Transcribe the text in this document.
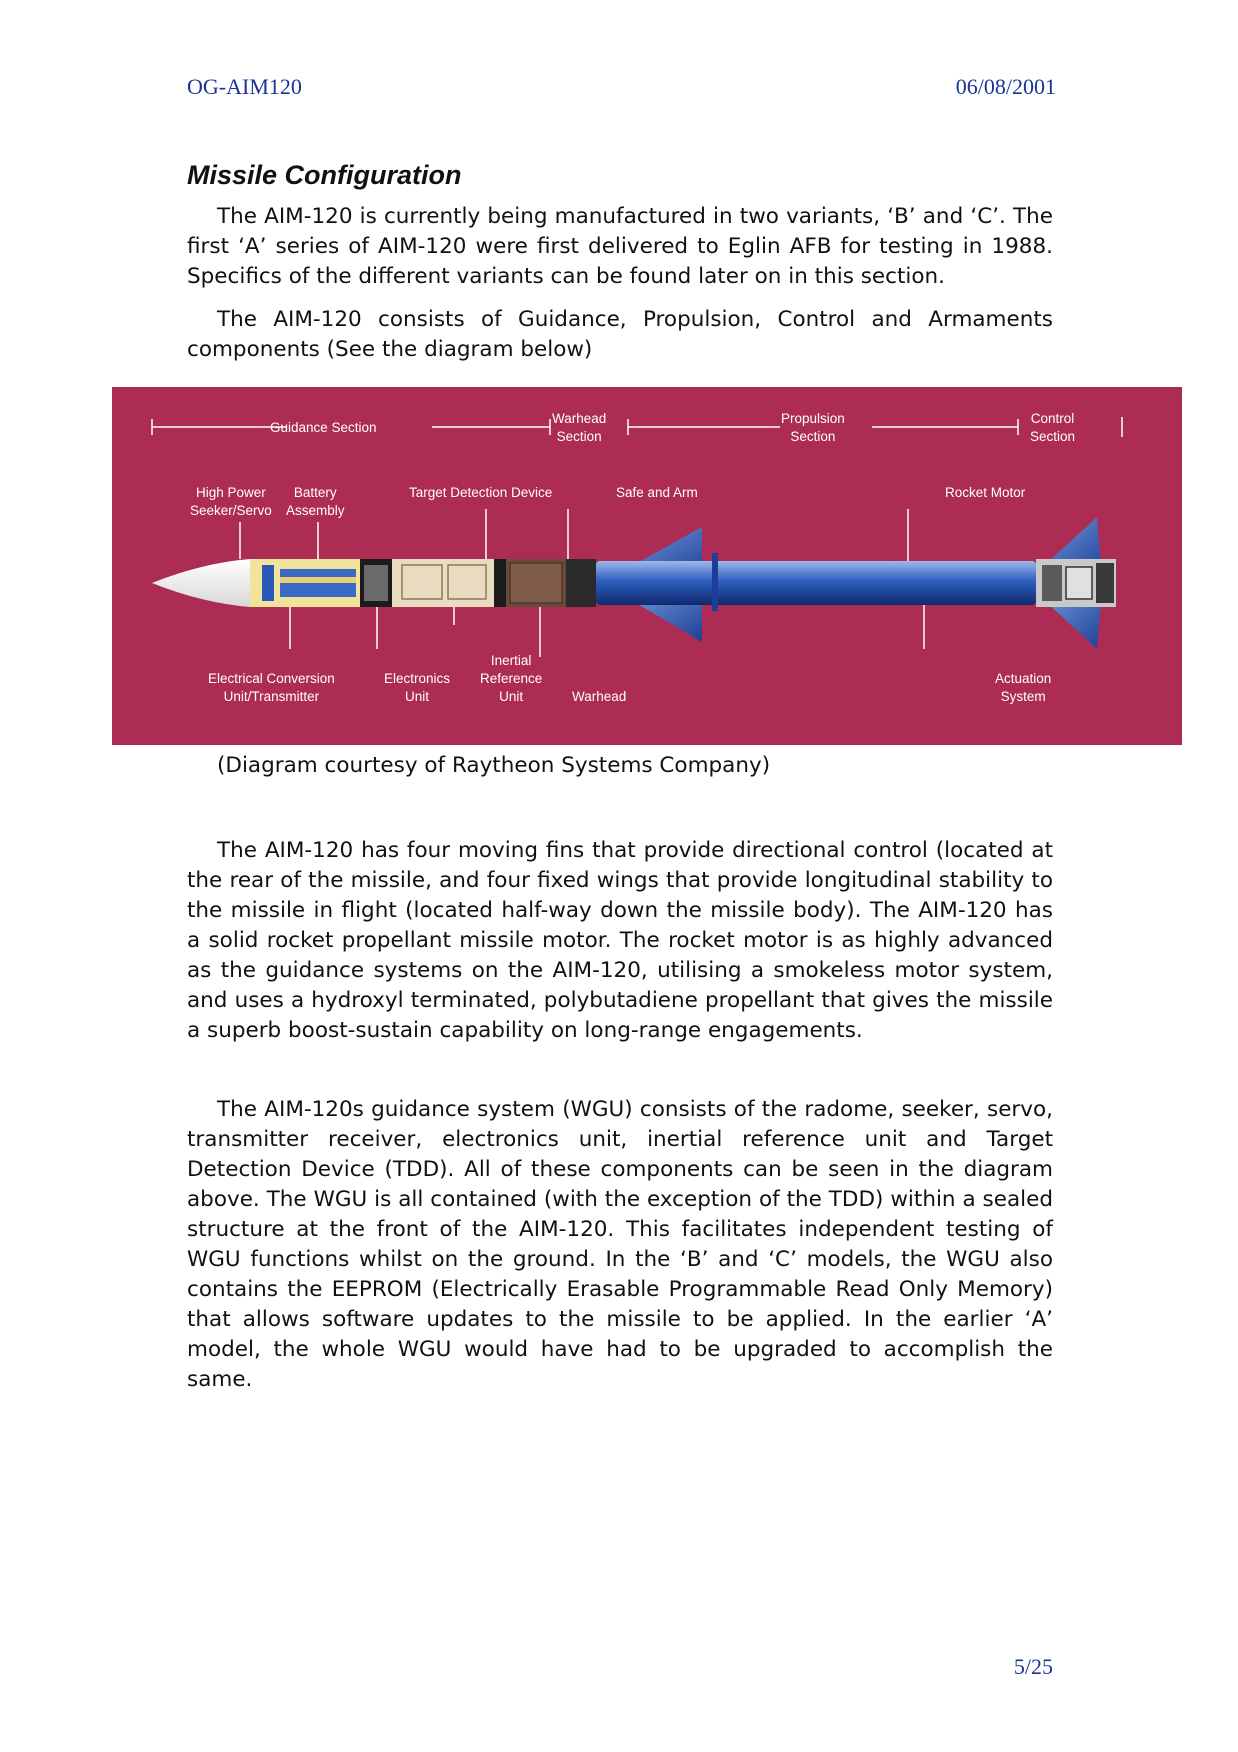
OG-AIM120	06/08/2001
Missile Configuration

The AIM-120 is currently being manufactured in two variants, ‘B’ and ‘C’. The first ‘A’ series of AIM-120 were first delivered to Eglin AFB for testing in 1988. Specifics of the different variants can be found later on in this section.

The AIM-120 consists of Guidance, Propulsion, Control and Armaments components (See the diagram below)

Guidance Section
Warhead
Section
Propulsion
Section
Control
Section
High Power
Seeker/Servo
Battery
Assembly
Target Detection Device	Safe and Arm	Rocket Motor
Electrical Conversion
Unit/Transmitter
Electronics
Unit
Inertial
Reference
Unit	Warhead
Actuation
System
(Diagram courtesy of Raytheon Systems Company)

The AIM-120 has four moving fins that provide directional control (located at the rear of the missile, and four fixed wings that provide longitudinal stability to the missile in flight (located half-way down the missile body). The AIM-120 has a solid rocket propellant missile motor. The rocket motor is as highly advanced as the guidance systems on the AIM-120, utilising a smokeless motor system, and uses a hydroxyl terminated, polybutadiene propellant that gives the missile a superb boost-sustain capability on long-range engagements.

The AIM-120s guidance system (WGU) consists of the radome, seeker, servo, transmitter receiver, electronics unit, inertial reference unit and Target Detection Device (TDD). All of these components can be seen in the diagram above. The WGU is all contained (with the exception of the TDD) within a sealed structure at the front of the AIM-120. This facilitates independent testing of WGU functions whilst on the ground. In the ‘B’ and ‘C’ models, the WGU also contains the EEPROM (Electrically Erasable Programmable Read Only Memory) that allows software updates to the missile to be applied. In the earlier ‘A’ model, the whole WGU would have had to be upgraded to accomplish the same.

5/25
